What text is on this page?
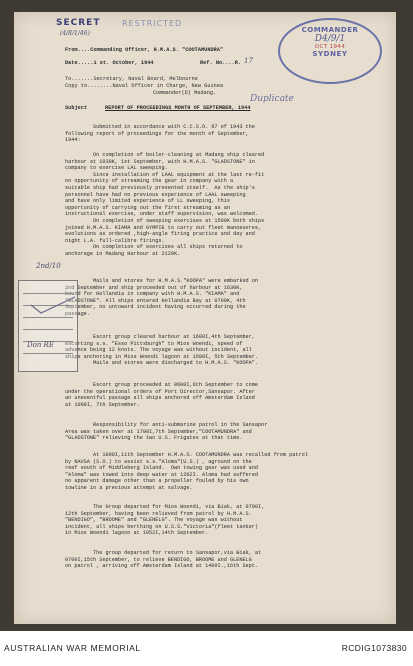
SECRET	RESTRICTED
(4/8/1/46)	COMMANDER
D4/9/1
OCT 1944
SYDNEY
From....Commanding Officer, H.M.A.S. "COOTAMUNDRA"
Date.....1 st. October, 1944	Ref. No....R. 17
To.......Secretary, Naval Board, Melbourne
Copy to........Naval Officer in Charge, New Guinea
Commander(D) Madang.
Subject	REPORT OF PROCEEDINGS MONTH OF SEPTEMBER, 1944
Duplicate
Submitted in accordance with C.C.S.O. 97 of 1943 the
following report of proceedings for the month of September,
1944:
On completion of boiler-cleaning at Madang ship cleared
harbour at 1030K, 1st September, with H.M.A.S. "GLADSTONE" in
company to exercise LAL sweeping.
Since installation of LAAL equipment at the last re-fit
no opportunity of streaming the gear in company with a
suitable ship had previously presented itself.  As the ship's
personnel have had no previous experience of LAAL sweeping
and have only limited experience of LL sweeping, this
opportunity of carrying out the first streaming as an
instructional exercise, under staff supervision, was welcomed.
On completion of sweeping exercises at 1500K both ships
joined H.M.A.S. KIAMA and GYMPIE to carry out fleet manoeuvres,
evolutions as ordered ,high-angle firing practice and day and
night L.A. full-calibre firings.
On completion of exercises all ships returned to
anchorage in Madang Harbour at 2120K.
Mails and stores for H.M.A.S."KOOPA" were embarked on
2nd September and ship proceeded out of harbour at 1630K,
bound for Hollandia in company with H.M.A.S. "KIAMA" and
"GLADSTONE". All ships entered Hollandia Bay at 0700K, 4th
September, no untoward incident having occurred during the
passage.
Escort group cleared harbour at 1600I,4th September,
escorting s.s. "Esso Pittsburgh" to Mios Woendi, speed of
advance being 12 knots. The voyage was without incident, all
ships anchoring in Mios Woendi lagoon at 1600I, 5th September.
Mails and stores were discharged to H.M.A.S. "KOOPA".
Escort group proceeded at 0600I,6th September to come
under the operational orders of Port Director,Sansapor. After
an uneventful passage all ships anchored off Amsterdam Island
at 1000I, 7th September.
Responsibility for anti-submarine patrol in the Sansapor
Area was taken over at 1700I,7th September,"COOTAMUNDRA" and
"GLADSTONE" relieving the two U.S. Frigates at that time.
At 1000I,11th September H.M.A.S. COOTAMUNDRA was recalled from patrol
by NAVSA (S.O.) to assist s.s."Aloma"(U.S.) , aground on the
reef south of Middleberg Island.  Own towing gear was used and
"Aloma" was towed into deep water at 1202I. Aloma had suffered
no apparent damage other than a propeller fouled by his own
towline in a previous attempt at salvage.
The Group departed for Mios Woendi, via Biak, at 0700I,
12th September, having been relieved from patrol by H.M.A.S.
"BENDIGO", "BROOME" and "GLENELG". The voyage was without
incident, all ships berthing on U.S.S."Victoria"(fleet tanker)
in Mios Woendi lagoon at 1052I,14th September.
The group departed for return to Sansapor,via Biak, at
0700I,15th September, to relieve BENDIGO, BROOME and GLENELG
on patrol , arriving off Amsterdam Island at 1400I.,16th Sept.
2nd/10
Don RE
AUSTRALIAN WAR MEMORIAL	RCDIG1073830
